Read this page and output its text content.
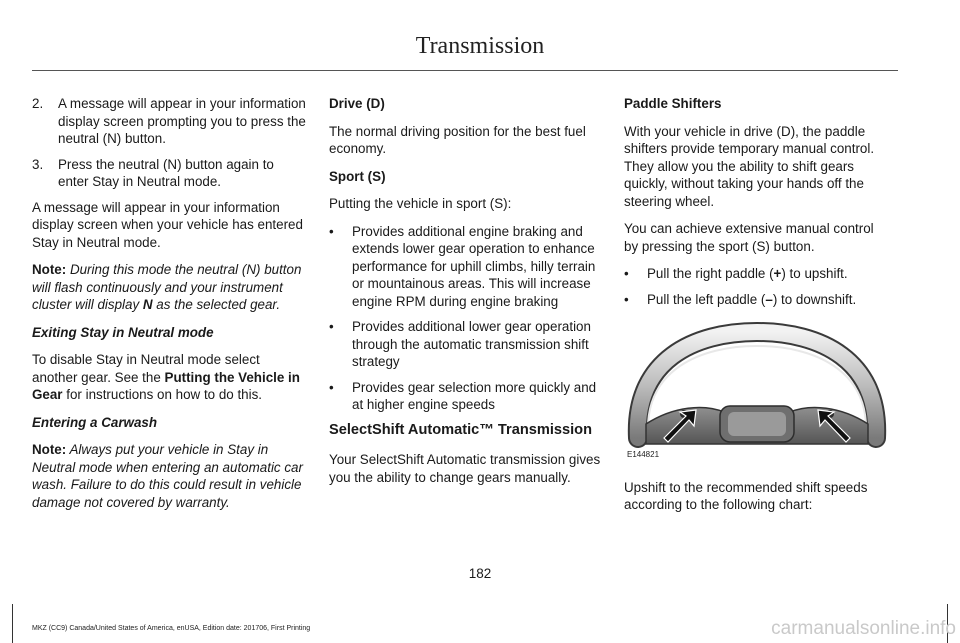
Transmission
2.	A message will appear in your information display screen prompting you to press the neutral (N) button.
3.	Press the neutral (N) button again to enter Stay in Neutral mode.

A message will appear in your information display screen when your vehicle has entered Stay in Neutral mode.

Note: During this mode the neutral (N) button will flash continuously and your instrument cluster will display N as the selected gear.

Exiting Stay in Neutral mode

To disable Stay in Neutral mode select another gear. See the Putting the Vehicle in Gear for instructions on how to do this.

Entering a Carwash

Note: Always put your vehicle in Stay in Neutral mode when entering an automatic car wash. Failure to do this could result in vehicle damage not covered by warranty.

Drive (D)

The normal driving position for the best fuel economy.

Sport (S)

Putting the vehicle in sport (S):

•	Provides additional engine braking and extends lower gear operation to enhance performance for uphill climbs, hilly terrain or mountainous areas. This will increase engine RPM during engine braking
•	Provides additional lower gear operation through the automatic transmission shift strategy
•	Provides gear selection more quickly and at higher engine speeds

SelectShift Automatic™ Transmission

Your SelectShift Automatic transmission gives you the ability to change gears manually.

Paddle Shifters

With your vehicle in drive (D), the paddle shifters provide temporary manual control. They allow you the ability to shift gears quickly, without taking your hands off the steering wheel.

You can achieve extensive manual control by pressing the sport (S) button.

•	Pull the right paddle (+) to upshift.
•	Pull the left paddle (–) to downshift.
E144821

Upshift to the recommended shift speeds according to the following chart:

182
MKZ (CC9) Canada/United States of America, enUSA, Edition date: 201706, First Printing	carmanualsonline.info
